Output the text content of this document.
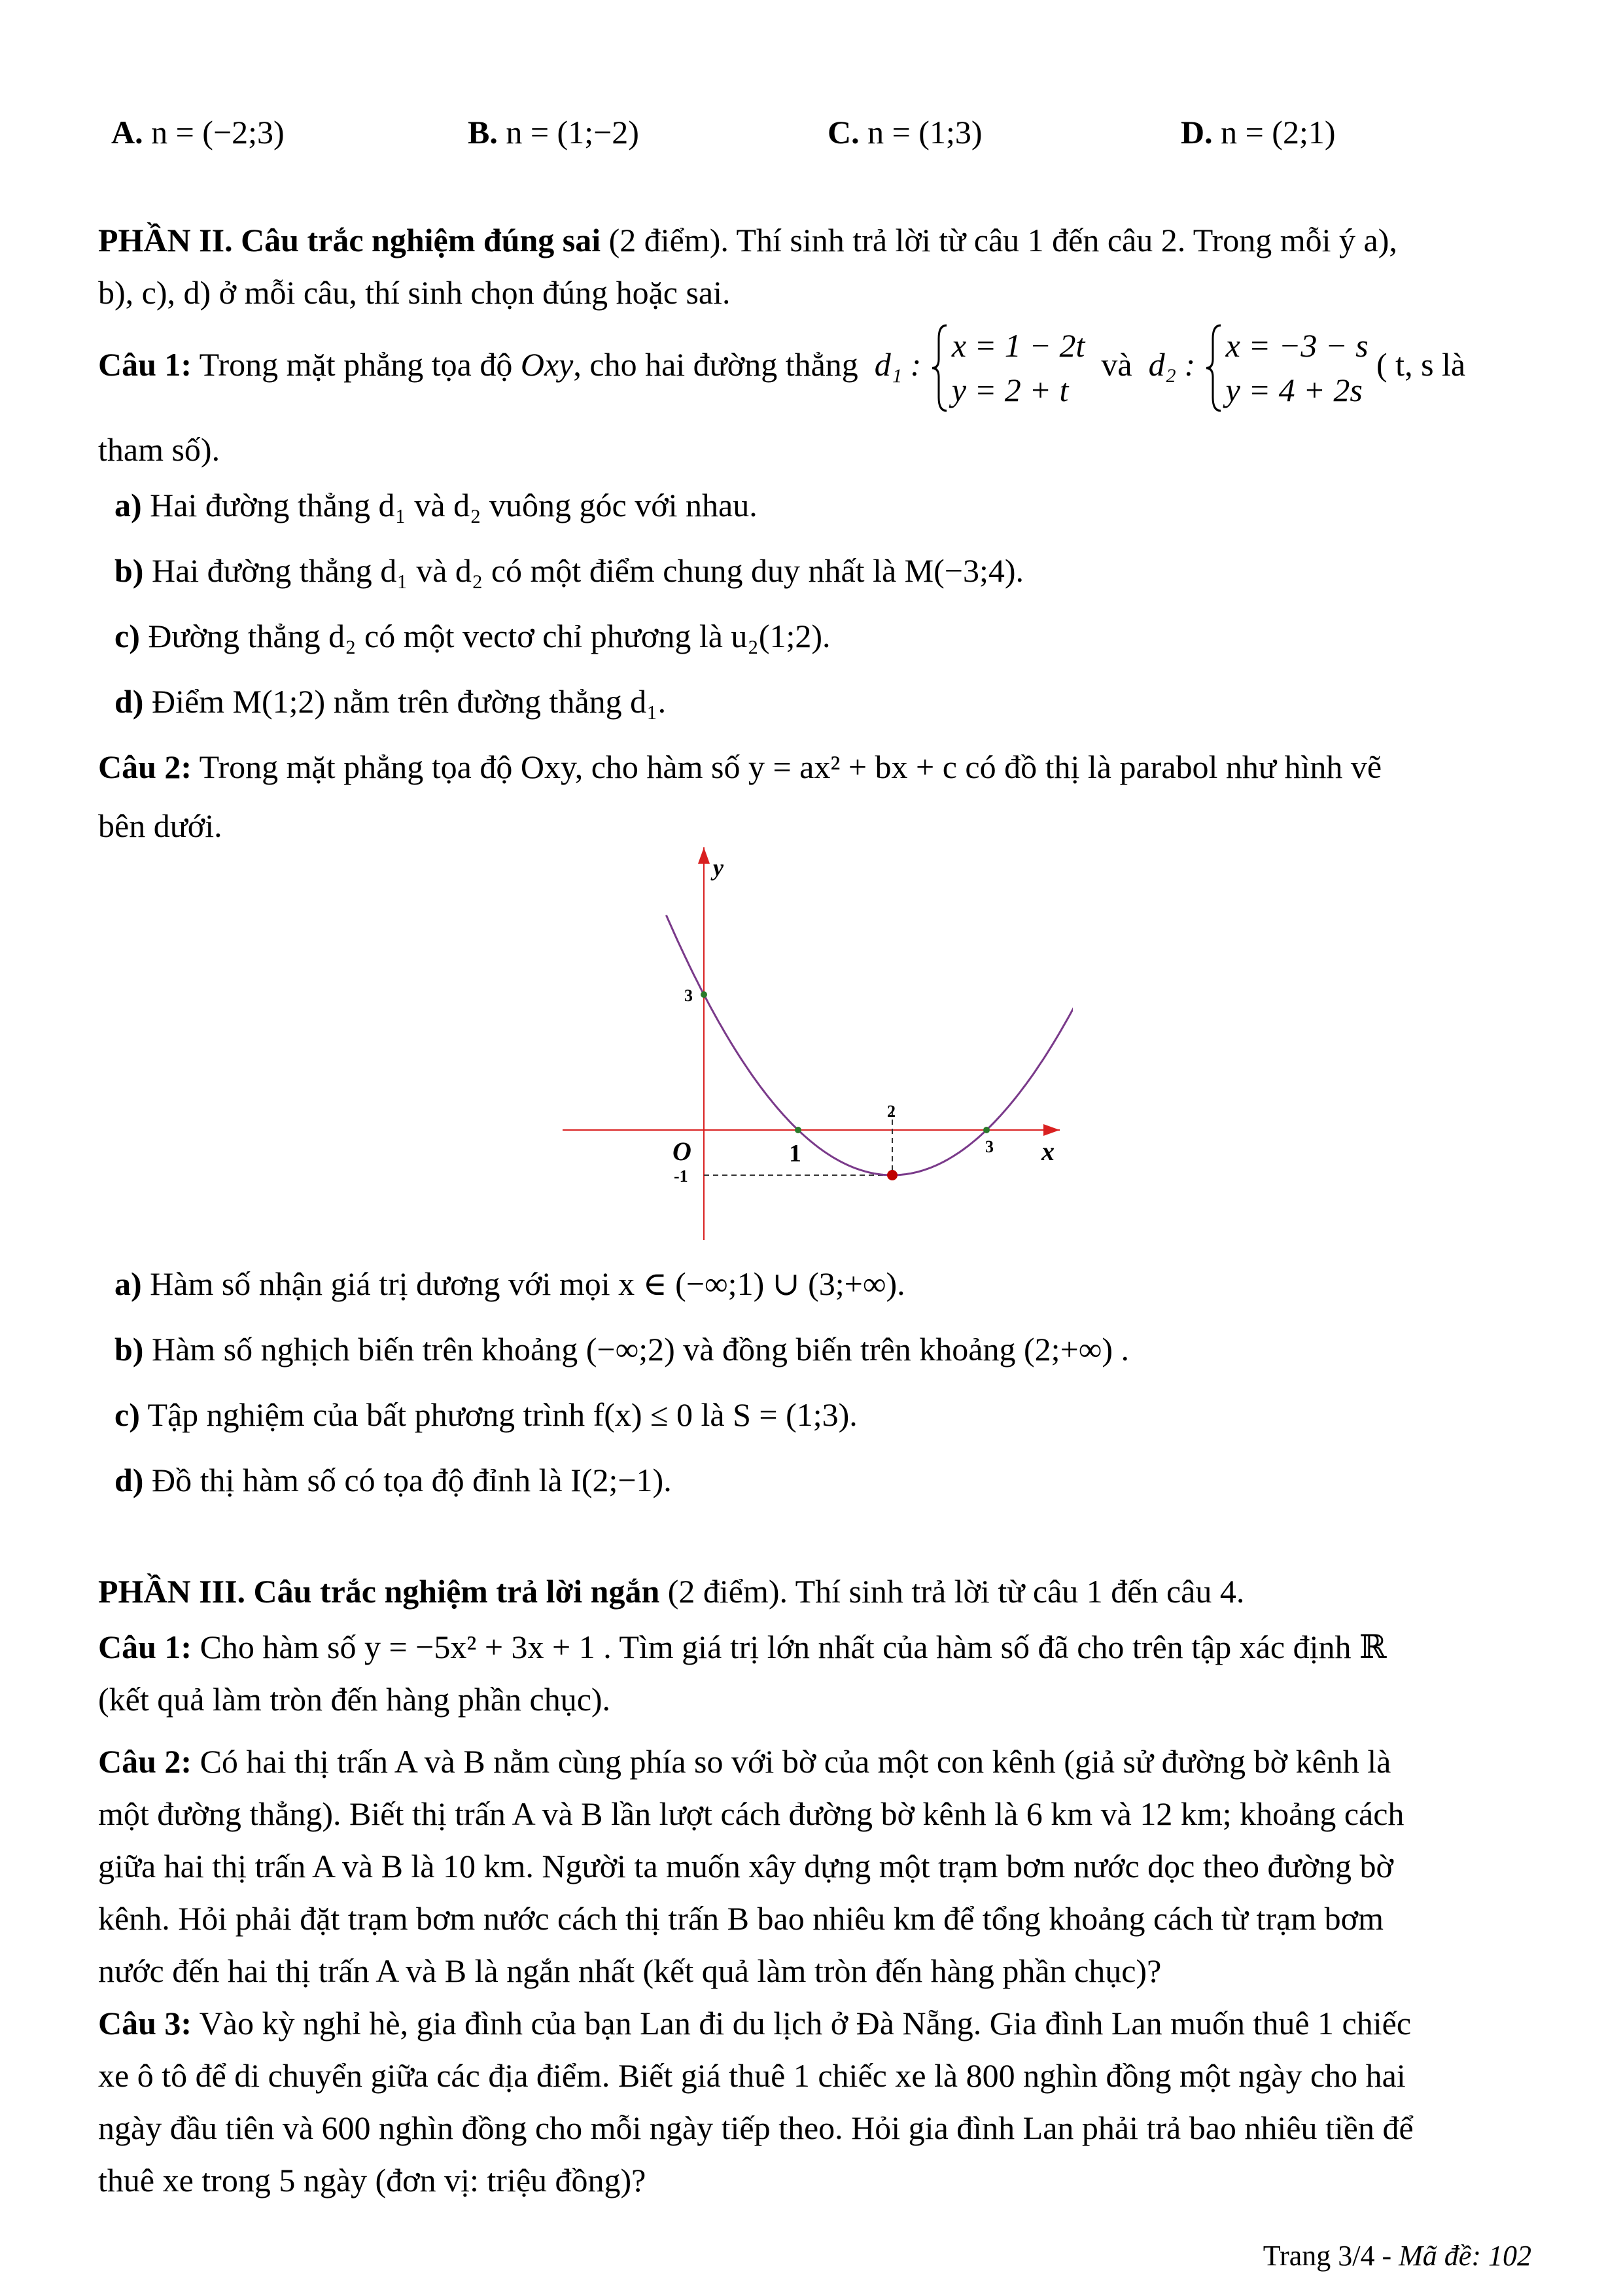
A. n = (−2;3)	B. n = (1;−2)	C. n = (1;3)	D. n = (2;1)
PHẦN II. Câu trắc nghiệm đúng sai (2 điểm). Thí sinh trả lời từ câu 1 đến câu 2. Trong mỗi ý a),
b), c), d) ở mỗi câu, thí sinh chọn đúng hoặc sai.
Câu 1: Trong mặt phẳng tọa độ Oxy, cho hai đường thẳng d₁ :
x = 1 − 2t
y = 2 + t
và d₂ :
x = −3 − s
y = 4 + 2s
( t, s là
tham số).
a) Hai đường thẳng d₁ và d₂ vuông góc với nhau.
b) Hai đường thẳng d₁ và d₂ có một điểm chung duy nhất là M(−3;4).
c) Đường thẳng d₂ có một vectơ chỉ phương là u₂(1;2).
d) Điểm M(1;2) nằm trên đường thẳng d₁.
Câu 2: Trong mặt phẳng tọa độ Oxy, cho hàm số y = ax² + bx + c có đồ thị là parabol như hình vẽ
bên dưới.
y
x
O
3
2
1	3
-1
a) Hàm số nhận giá trị dương với mọi x ∈ (−∞;1) ∪ (3;+∞).
b) Hàm số nghịch biến trên khoảng (−∞;2) và đồng biến trên khoảng (2;+∞) .
c) Tập nghiệm của bất phương trình f(x) ≤ 0 là S = (1;3).
d) Đồ thị hàm số có tọa độ đỉnh là I(2;−1).
PHẦN III. Câu trắc nghiệm trả lời ngắn (2 điểm). Thí sinh trả lời từ câu 1 đến câu 4.
Câu 1: Cho hàm số y = −5x² + 3x + 1 . Tìm giá trị lớn nhất của hàm số đã cho trên tập xác định ℝ
(kết quả làm tròn đến hàng phần chục).
Câu 2: Có hai thị trấn A và B nằm cùng phía so với bờ của một con kênh (giả sử đường bờ kênh là
một đường thẳng). Biết thị trấn A và B lần lượt cách đường bờ kênh là 6 km và 12 km; khoảng cách
giữa hai thị trấn A và B là 10 km. Người ta muốn xây dựng một trạm bơm nước dọc theo đường bờ
kênh. Hỏi phải đặt trạm bơm nước cách thị trấn B bao nhiêu km để tổng khoảng cách từ trạm bơm
nước đến hai thị trấn A và B là ngắn nhất (kết quả làm tròn đến hàng phần chục)?
Câu 3: Vào kỳ nghỉ hè, gia đình của bạn Lan đi du lịch ở Đà Nẵng. Gia đình Lan muốn thuê 1 chiếc
xe ô tô để di chuyển giữa các địa điểm. Biết giá thuê 1 chiếc xe là 800 nghìn đồng một ngày cho hai
ngày đầu tiên và 600 nghìn đồng cho mỗi ngày tiếp theo. Hỏi gia đình Lan phải trả bao nhiêu tiền để
thuê xe trong 5 ngày (đơn vị: triệu đồng)?
Trang 3/4 - Mã đề: 102
